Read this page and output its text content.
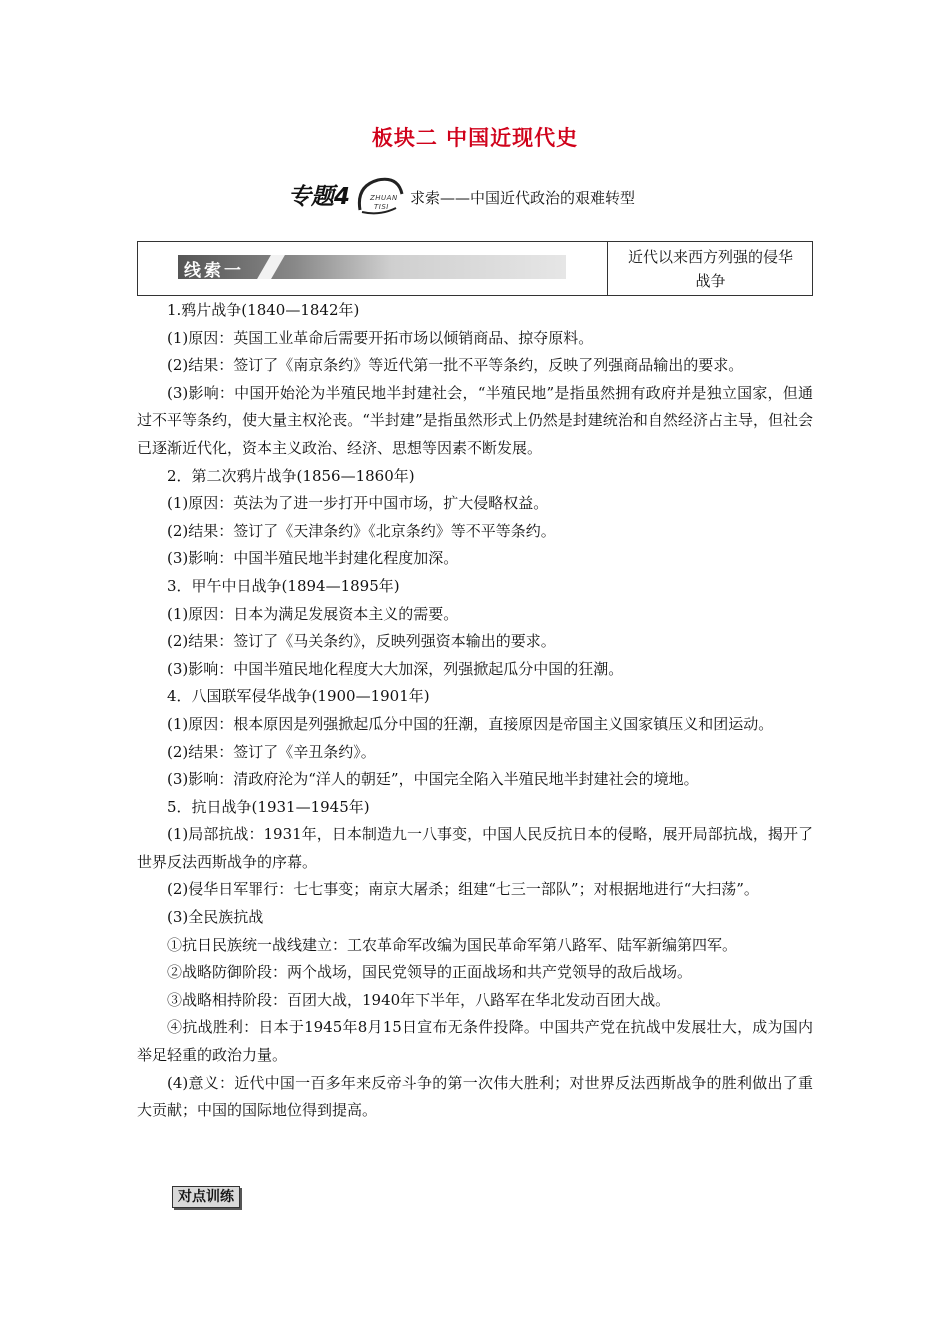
板块二 中国近现代史
专题4	ZHUAN
TISI 求索——中国近代政治的艰难转型
线索一
近代以来西方列强的侵华战争

1.鸦片战争(1840—1842年)

(1)原因：英国工业革命后需要开拓市场以倾销商品、掠夺原料。

(2)结果：签订了《南京条约》等近代第一批不平等条约，反映了列强商品输出的要求。

(3)影响：中国开始沦为半殖民地半封建社会，“半殖民地”是指虽然拥有政府并是独立国家，但通过不平等条约，使大量主权沦丧。“半封建”是指虽然形式上仍然是封建统治和自然经济占主导，但社会已逐渐近代化，资本主义政治、经济、思想等因素不断发展。

2．第二次鸦片战争(1856—1860年)

(1)原因：英法为了进一步打开中国市场，扩大侵略权益。

(2)结果：签订了《天津条约》《北京条约》等不平等条约。

(3)影响：中国半殖民地半封建化程度加深。

3．甲午中日战争(1894—1895年)

(1)原因：日本为满足发展资本主义的需要。

(2)结果：签订了《马关条约》，反映列强资本输出的要求。

(3)影响：中国半殖民地化程度大大加深，列强掀起瓜分中国的狂潮。

4．八国联军侵华战争(1900—1901年)

(1)原因：根本原因是列强掀起瓜分中国的狂潮，直接原因是帝国主义国家镇压义和团运动。

(2)结果：签订了《辛丑条约》。

(3)影响：清政府沦为“洋人的朝廷”，中国完全陷入半殖民地半封建社会的境地。

5．抗日战争(1931—1945年)

(1)局部抗战：1931年，日本制造九一八事变，中国人民反抗日本的侵略，展开局部抗战，揭开了世界反法西斯战争的序幕。

(2)侵华日军罪行：七七事变；南京大屠杀；组建“七三一部队”；对根据地进行“大扫荡”。

(3)全民族抗战

①抗日民族统一战线建立：工农革命军改编为国民革命军第八路军、陆军新编第四军。

②战略防御阶段：两个战场，国民党领导的正面战场和共产党领导的敌后战场。

③战略相持阶段：百团大战，1940年下半年，八路军在华北发动百团大战。

④抗战胜利：日本于1945年8月15日宣布无条件投降。中国共产党在抗战中发展壮大，成为国内举足轻重的政治力量。

(4)意义：近代中国一百多年来反帝斗争的第一次伟大胜利；对世界反法西斯战争的胜利做出了重大贡献；中国的国际地位得到提高。

对点训练
